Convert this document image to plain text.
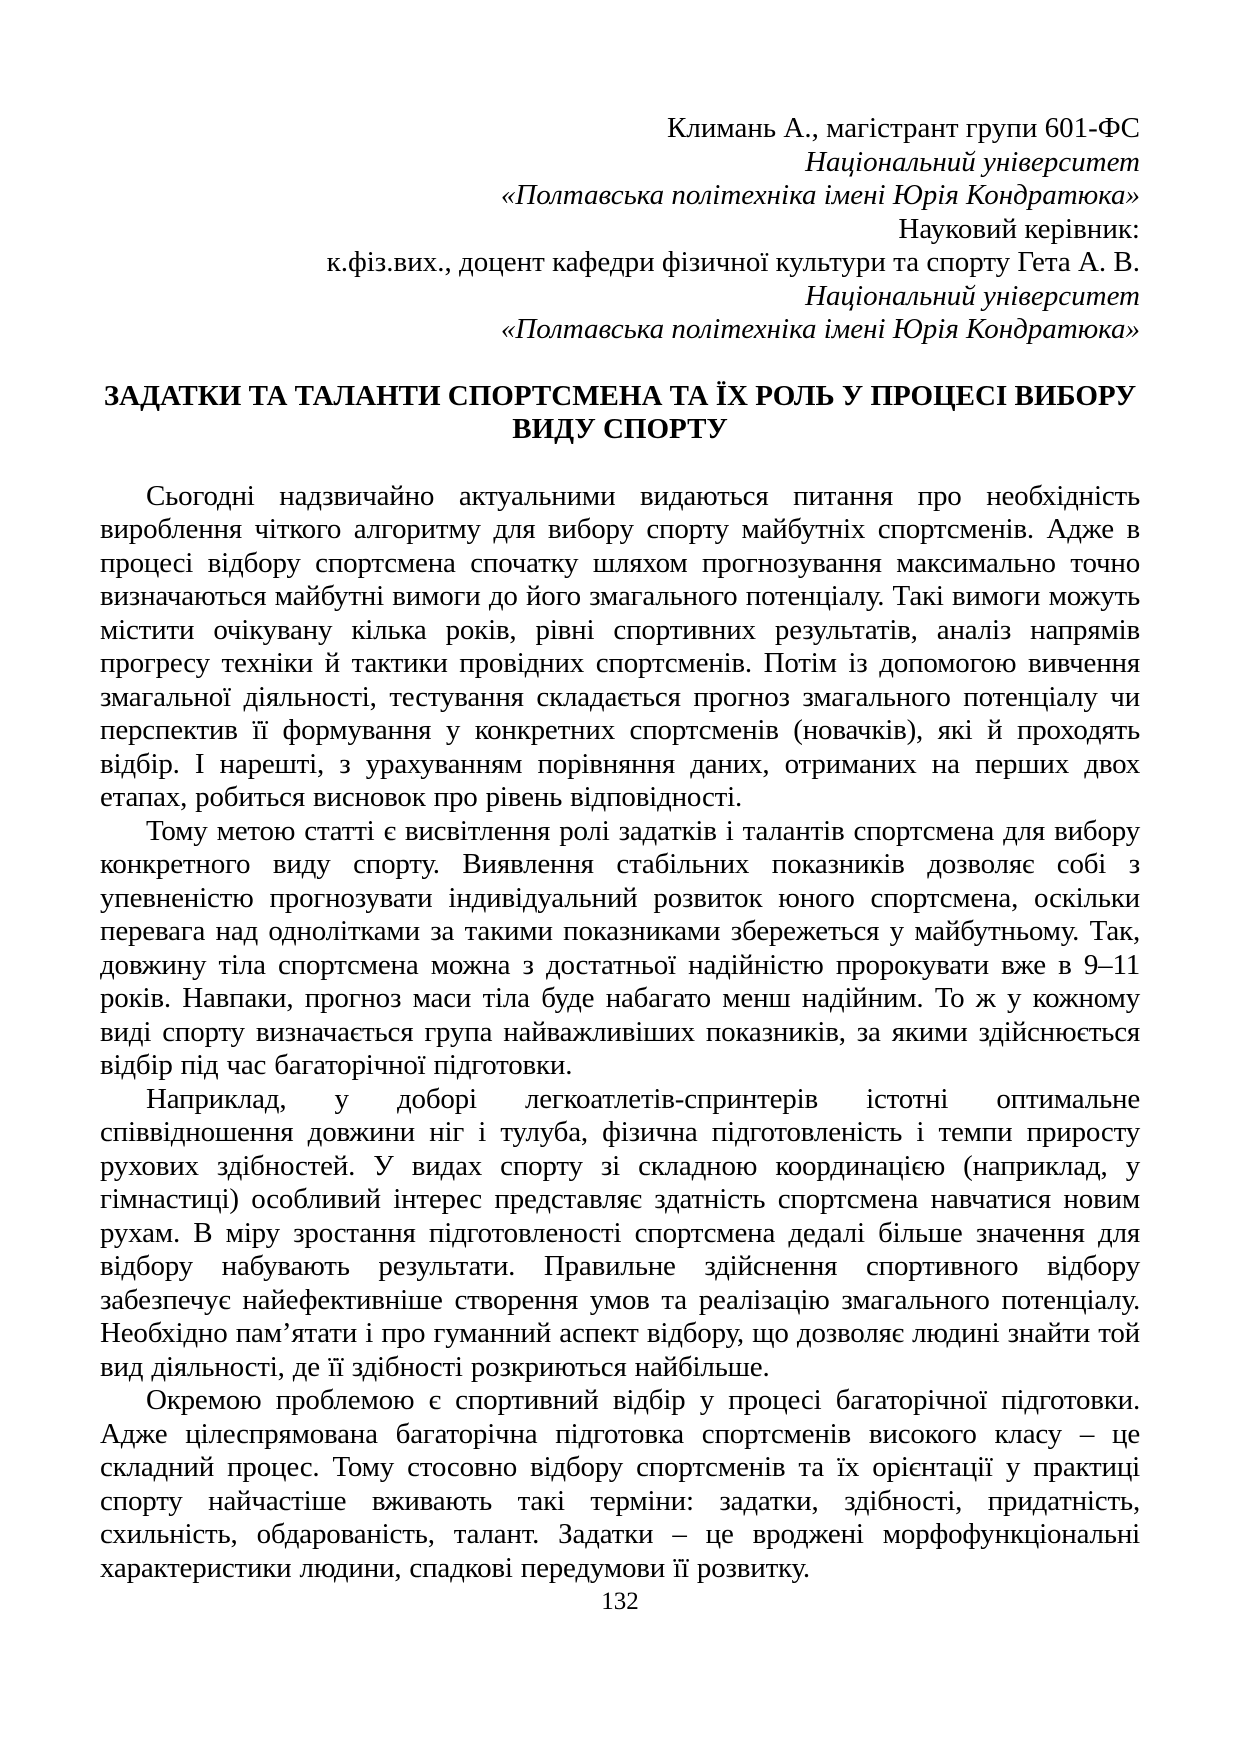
Климань А., магістрант групи 601-ФС
Національний університет
«Полтавська політехніка імені Юрія Кондратюка»
Науковий керівник:
к.фіз.вих., доцент кафедри фізичної культури та спорту Гета А. В.
Національний університет
«Полтавська політехніка імені Юрія Кондратюка»
ЗАДАТКИ ТА ТАЛАНТИ СПОРТСМЕНА ТА ЇХ РОЛЬ У ПРОЦЕСІ ВИБОРУ ВИДУ СПОРТУ

Сьогодні надзвичайно актуальними видаються питання про необхідність вироблення чіткого алгоритму для вибору спорту майбутніх спортсменів. Адже в процесі відбору спортсмена спочатку шляхом прогнозування максимально точно визначаються майбутні вимоги до його змагального потенціалу. Такі вимоги можуть містити очікувану кілька років, рівні спортивних результатів, аналіз напрямів прогресу техніки й тактики провідних спортсменів. Потім із допомогою вивчення змагальної діяльності, тестування складається прогноз змагального потенціалу чи перспектив її формування у конкретних спортсменів (новачків), які й проходять відбір. І нарешті, з урахуванням порівняння даних, отриманих на перших двох етапах, робиться висновок про рівень відповідності.

Тому метою статті є висвітлення ролі задатків і талантів спортсмена для вибору конкретного виду спорту. Виявлення стабільних показників дозволяє собі з упевненістю прогнозувати індивідуальний розвиток юного спортсмена, оскільки перевага над однолітками за такими показниками збережеться у майбутньому. Так, довжину тіла спортсмена можна з достатньої надійністю пророкувати вже в 9–11 років. Навпаки, прогноз маси тіла буде набагато менш надійним. То ж у кожному виді спорту визначається група найважливіших показників, за якими здійснюється відбір під час багаторічної підготовки.

Наприклад, у доборі легкоатлетів-спринтерів істотні оптимальне співвідношення довжини ніг і тулуба, фізична підготовленість і темпи приросту рухових здібностей. У видах спорту зі складною координацією (наприклад, у гімнастиці) особливий інтерес представляє здатність спортсмена навчатися новим рухам. В міру зростання підготовленості спортсмена дедалі більше значення для відбору набувають результати. Правильне здійснення спортивного відбору забезпечує найефективніше створення умов та реалізацію змагального потенціалу. Необхідно пам’ятати і про гуманний аспект відбору, що дозволяє людині знайти той вид діяльності, де її здібності розкриються найбільше.

Окремою проблемою є спортивний відбір у процесі багаторічної підготовки. Адже цілеспрямована багаторічна підготовка спортсменів високого класу – це складний процес. Тому стосовно відбору спортсменів та їх орієнтації у практиці спорту найчастіше вживають такі терміни: задатки, здібності, придатність, схильність, обдарованість, талант. Задатки – це вроджені морфофункціональні характеристики людини, спадкові передумови її розвитку.

132
